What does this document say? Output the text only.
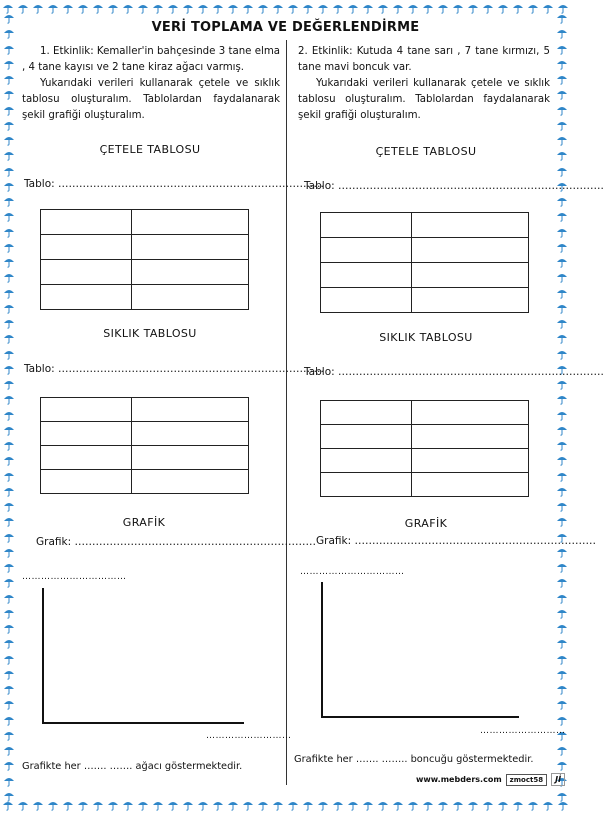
VERİ TOPLAMA VE DEĞERLENDİRME

1. Etkinlik: Kemaller'in bahçesinde 3 tane elma , 4 tane kayısı ve 2 tane kiraz ağacı varmış.

Yukarıdaki verileri kullanarak çetele ve sıklık tablosu oluşturalım. Tablolardan faydalanarak şekil grafiği oluşturalım.

ÇETELE TABLOSU
Tablo: ………………………………………………………………….

SIKLIK TABLOSU
Tablo: ………………………………………………………………….

GRAFİK
Grafik: ……………………………………………………………
……………………………
………………………
Grafikte her ……. ……. ağacı göstermektedir.

2. Etkinlik: Kutuda 4 tane sarı , 7 tane kırmızı, 5 tane mavi boncuk var.

Yukarıdaki verileri kullanarak çetele ve sıklık tablosu oluşturalım. Tablolardan faydalanarak şekil grafiği oluşturalım.

ÇETELE TABLOSU
Tablo: ………………………………………………………………….

SIKLIK TABLOSU
Tablo: ………………………………………………………………….

GRAFİK
Grafik: ……………………………………………………………
……………………………
………………………
Grafikte her ……. …….. boncuğu göstermektedir.
www.mebders.com	zmoct58	Jİ
